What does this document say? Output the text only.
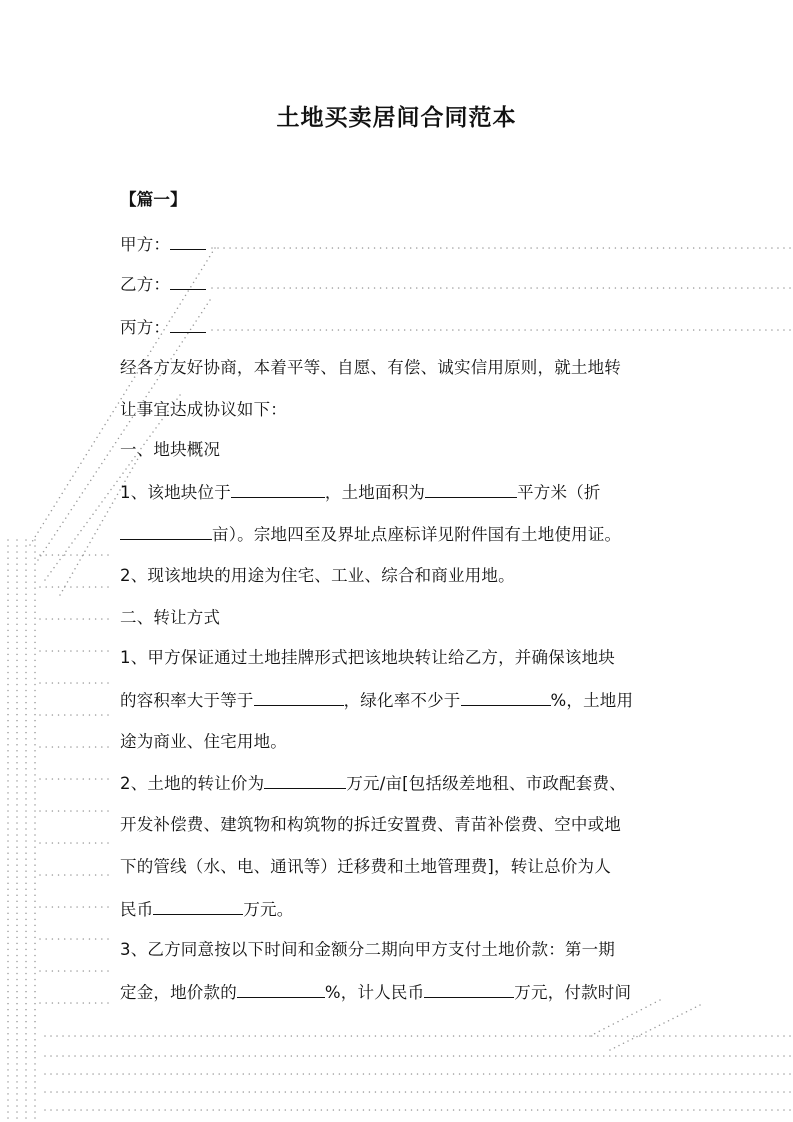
土地买卖居间合同范本
【篇一】
甲方：
乙方：
丙方：
经各方友好协商，本着平等、自愿、有偿、诚实信用原则，就土地转
让事宜达成协议如下：
一、地块概况
1、该地块位于	，土地面积为	平方米（折
亩）。宗地四至及界址点座标详见附件国有土地使用证。
2、现该地块的用途为住宅、工业、综合和商业用地。
二、转让方式
1、甲方保证通过土地挂牌形式把该地块转让给乙方，并确保该地块
的容积率大于等于	，绿化率不少于	%，土地用
途为商业、住宅用地。
2、土地的转让价为	万元/亩[包括级差地租、市政配套费、
开发补偿费、建筑物和构筑物的拆迁安置费、青苗补偿费、空中或地
下的管线（水、电、通讯等）迁移费和土地管理费]，转让总价为人
民币	万元。
3、乙方同意按以下时间和金额分二期向甲方支付土地价款：第一期
定金，地价款的	%，计人民币	万元，付款时间
